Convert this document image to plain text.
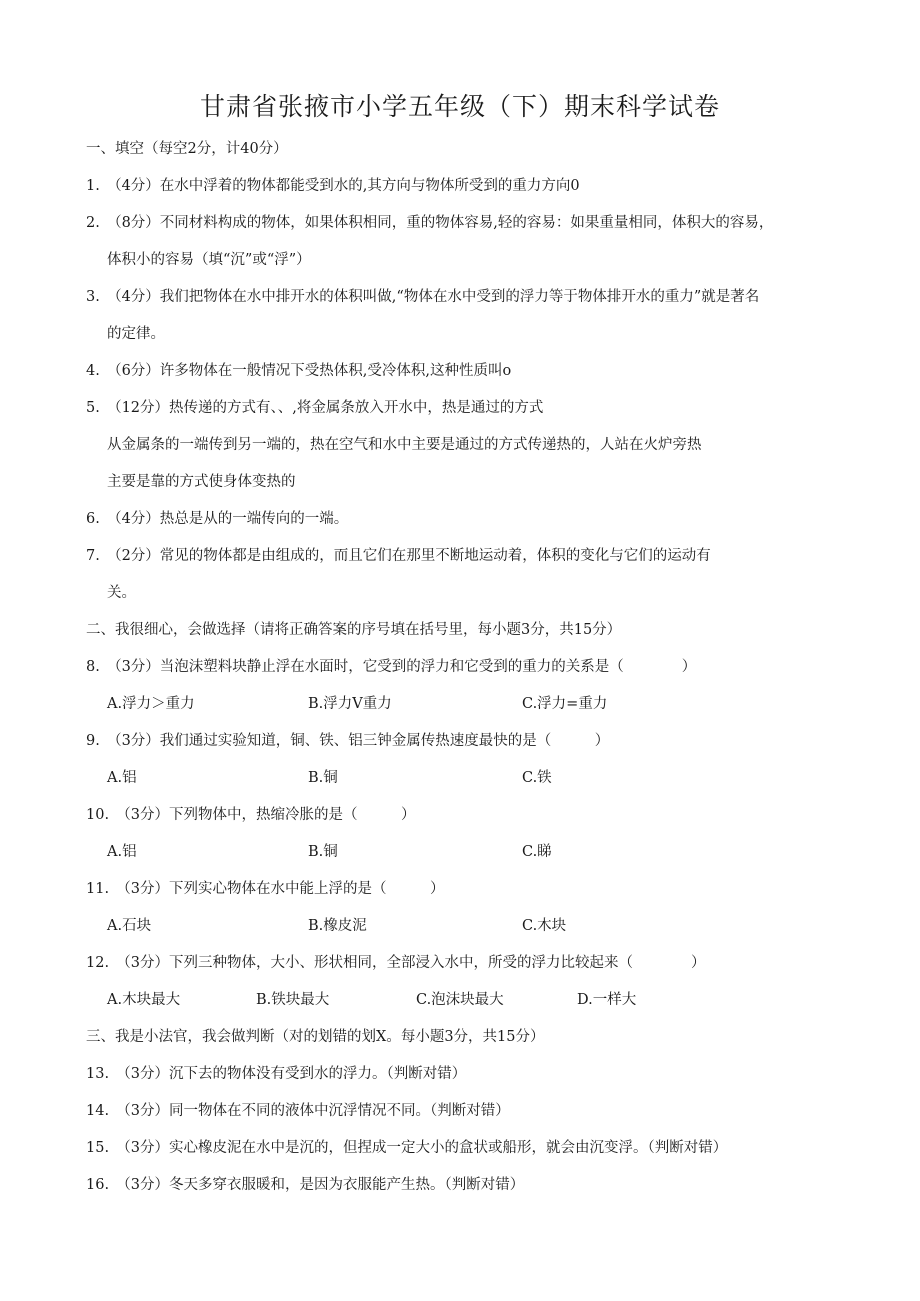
甘肃省张掖市小学五年级（下）期末科学试卷
一、填空（每空2分，计40分）
1.　（4分）在水中浮着的物体都能受到水的,其方向与物体所受到的重力方向0
2.　（8分）不同材料构成的物体，如果体积相同，重的物体容易,轻的容易：如果重量相同，体积大的容易，
体积小的容易（填“沉”或“浮”）
3.　（4分）我们把物体在水中排开水的体积叫做,“物体在水中受到的浮力等于物体排开水的重力”就是著名
的定律。
4.　（6分）许多物体在一般情况下受热体积,受冷体积,这种性质叫o
5.　（12分）热传递的方式有、、,将金属条放入开水中，热是通过的方式
从金属条的一端传到另一端的，热在空气和水中主要是通过的方式传递热的，人站在火炉旁热
主要是靠的方式使身体变热的
6.　（4分）热总是从的一端传向的一端。
7.　（2分）常见的物体都是由组成的，而且它们在那里不断地运动着，体积的变化与它们的运动有
关。
二、我很细心，会做选择（请将正确答案的序号填在括号里，每小题3分，共15分）
8.　（3分）当泡沫塑料块静止浮在水面时，它受到的浮力和它受到的重力的关系是（　　　　）
A.浮力＞重力	B.浮力V重力	C.浮力=重力
9.　（3分）我们通过实验知道，铜、铁、铝三钟金属传热速度最快的是（　　　）
A.铝	B.铜	C.铁
10.　（3分）下列物体中，热缩冷胀的是（　　　）
A.铝	B.铜	C.睇
11.　（3分）下列实心物体在水中能上浮的是（　　　）
A.石块	B.橡皮泥	C.木块
12.　（3分）下列三种物体，大小、形状相同，全部浸入水中，所受的浮力比较起来（　　　　）
A.木块最大	B.铁块最大	C.泡沫块最大	D.一样大
三、我是小法官，我会做判断（对的划错的划X。每小题3分，共15分）
13.　（3分）沉下去的物体没有受到水的浮力。（判断对错）
14.　（3分）同一物体在不同的液体中沉浮情况不同。（判断对错）
15.　（3分）实心橡皮泥在水中是沉的，但捏成一定大小的盒状或船形，就会由沉变浮。（判断对错）
16.　（3分）冬天多穿衣服暖和，是因为衣服能产生热。（判断对错）
